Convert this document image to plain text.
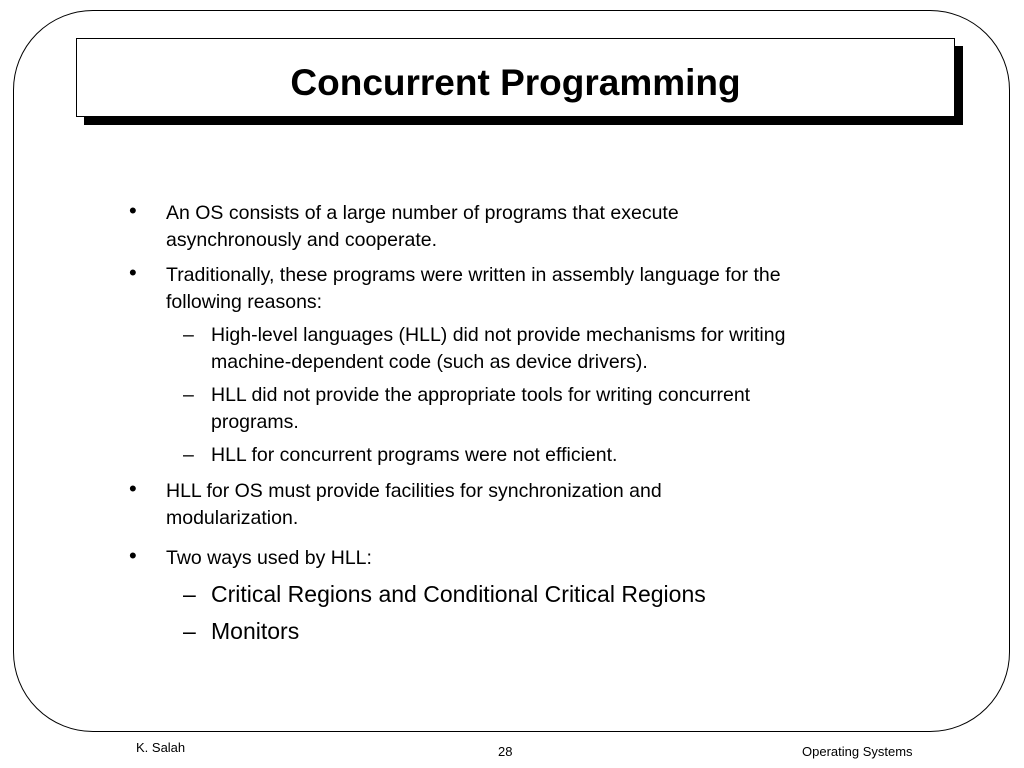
Concurrent Programming
• An OS consists of a large number of programs that execute
asynchronously and cooperate.
• Traditionally, these programs were written in assembly language for the
following reasons:
– High-level languages (HLL) did not provide mechanisms for writing
machine-dependent code (such as device drivers).
– HLL did not provide the appropriate tools for writing concurrent
programs.
– HLL for concurrent programs were not efficient.
• HLL for OS must provide facilities for synchronization and
modularization.
• Two ways used by HLL:
– Critical Regions and Conditional Critical Regions
– Monitors
K. Salah	28	Operating Systems
